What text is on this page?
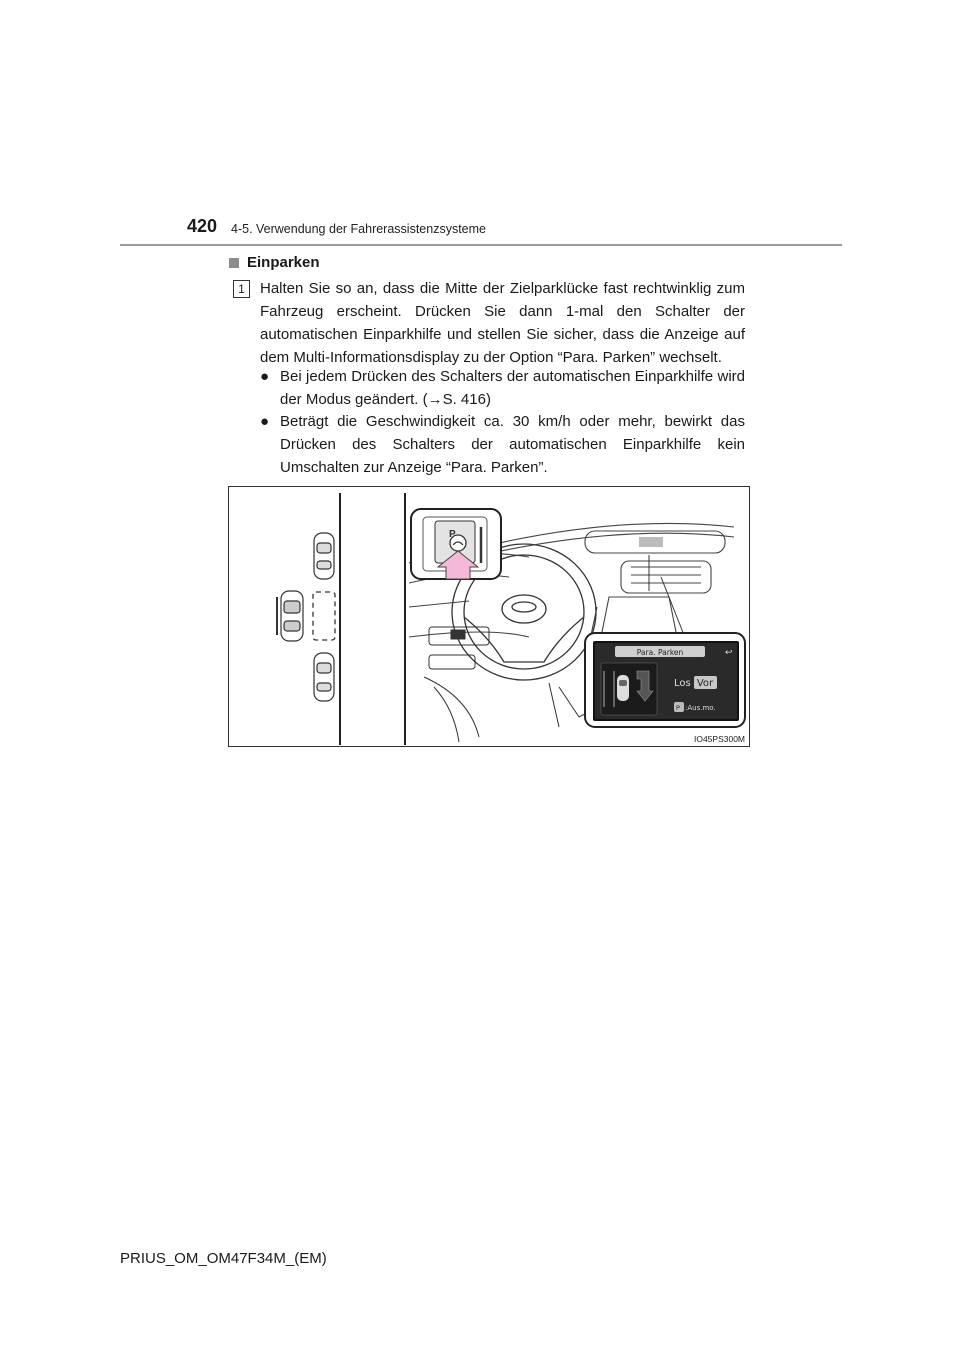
420 4-5. Verwendung der Fahrerassistenzsysteme
Einparken
1	Halten Sie so an, dass die Mitte der Zielparklücke fast rechtwinklig zum Fahrzeug erscheint. Drücken Sie dann 1-mal den Schalter der automatischen Einparkhilfe und stellen Sie sicher, dass die Anzeige auf dem Multi-Informationsdisplay zu der Option “Para. Parken” wechselt.
● Bei jedem Drücken des Schalters der automatischen Einparkhilfe wird der Modus geändert. (→S. 416)
● Beträgt die Geschwindigkeit ca. 30 km/h oder mehr, bewirkt das Drücken des Schalters der automatischen Einparkhilfe kein Umschalten zur Anzeige “Para. Parken”.
P
Para. Parken	↩
Los Vor
P :Aus.mo.
IO45PS300M
PRIUS_OM_OM47F34M_(EM)
